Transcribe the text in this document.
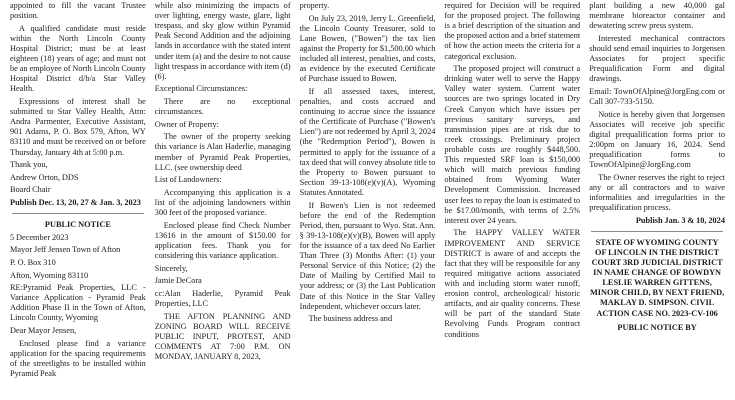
appointed to fill the vacant Trustee position.

A qualified candidate must reside within the North Lincoln County Hospital District; must be at least eighteen (18) years of age; and must not be an employee of North Lincoln County Hospital District d/b/a Star Valley Health.

Expressions of interest shall be submitted to Star Valley Health, Attn: Andra Parmenter, Executive Assistant, 901 Adams, P. O. Box 579, Afton, WY 83110 and must be received on or before Thursday, January 4th at 5:00 p.m.

Thank you,

Andrew Orton, DDS

Board Chair

Publish Dec. 13, 20, 27 & Jan. 3, 2023

PUBLIC NOTICE

5 December 2023

Mayor Jeff Jensen Town of Afton

P. O. Box 310

Afton, Wyoming 83110

RE:Pyramid Peak Properties, LLC - Variance Application - Pyramid Peak Addition Phase II in the Town of Afton, Lincoln County, Wyoming

Dear Mayor Jensen,

Enclosed please find a variance application for the spacing requirements of the streetlights to be installed within Pyramid Peak

while also minimizing the impacts of over lighting, energy waste, glare, light trespass, and sky glow within Pyramid Peak Second Addition and the adjoining lands in accordance with the stated intent under item (a) and the desire to not cause light trespass in accordance with item (d)(6).

Exceptional Circumstances:

There are no exceptional circumstances.

Owner of Property:

The owner of the property seeking this variance is Alan Haderlie, managing member of Pyramid Peak Properties, LLC. (see ownership deed

List of Landowners:

Accompanying this application is a list of the adjoining landowners within 300 feet of the proposed variance.

Enclosed please find Check Number 13616 in the amount of $150.00 for application fees. Thank you for considering this variance application.

Sincerely,

Jamie DeCora

cc:Alan Haderlie, Pyramid Peak Properties, LLC

THE AFTON PLANNING AND ZONING BOARD WILL RECEIVE PUBLIC INPUT, PROTEST, AND COMMENTS AT 7:00 P.M. ON MONDAY, JANUARY 8, 2023,

property.

On July 23, 2019, Jerry L. Greenfield, the Lincoln County Treasurer, sold to Lane Bowen, ("Bowen") the tax lien against the Property for $1,500.00 which included all interest, penalties, and costs, as evidence by the executed Certificate of Purchase issued to Bowen.

If all assessed taxes, interest, penalties, and costs accrued and continuing to accrue since the issuance of the Certificate of Purchase ("Bowen's Lien") are not redeemed by April 3, 2024 (the "Redemption Period"), Bowen is permitted to apply for the issuance of a tax deed that will convey absolute title to the Property to Bowen pursuant to Section 39-13-108(e)(v)(A), Wyoming Statutes Annotated.

If Bowen's Lien is not redeemed before the end of the Redemption Period, then, pursuant to Wyo. Stat. Ann. § 39-13-108(e)(v)(B), Bowen will apply for the issuance of a tax deed No Earlier Than Three (3) Months After: (1) your Personal Service of this Notice; (2) the Date of Mailing by Certified Mail to your address; or (3) the Last Publication Date of this Notice in the Star Valley Independent, whichever occurs later.

The business address and

required for Decision will be required for the proposed project. The following is a brief description of the situation and the proposed action and a brief statement of how the action meets the criteria for a categorical exclusion.

The proposed project will construct a drinking water well to serve the Happy Valley water system. Current water sources are two springs located in Dry Creek Canyon which have issues per previous sanitary surveys, and transmission pipes are at risk due to creek crossings. Preliminary project probable costs are roughly $448,500. This requested SRF loan is $150,000 which will match previous funding obtained from Wyoming Water Development Commission. Increased user fees to repay the loan is estimated to be $17.00/month, with terms of 2.5% interest over 24 years.

The HAPPY VALLEY WATER IMPROVEMENT AND SERVICE DISTRICT is aware of and accepts the fact that they will be responsible for any required mitigative actions associated with and including storm water runoff, erosion control, archeological/ historic artifacts, and air quality concerns. These will be part of the standard State Revolving Funds Program contract conditions

plant building a new 40,000 gal membrane bioreactor container and dewatering screw press system.

Interested mechanical contractors should send email inquiries to Jorgensen Associates for project specific Prequalification Form and digital drawings.

Email: TownOfAlpine@JorgEng.com or Call 307-733-5150.

Notice is hereby given that Jorgensen Associates will receive job specific digital prequalification forms prior to 2:00pm on January 16, 2024. Send prequalification forms to TownOfAlpine@JorgEng.com

The Owner reserves the right to reject any or all contractors and to waive informalities and irregularities in the prequalification process.

Publish Jan. 3 & 10, 2024

STATE OF WYOMING COUNTY OF LINCOLN IN THE DISTRICT COURT 3RD JUDICIAL DISTRICT IN NAME CHANGE OF BOWDYN LESLIE WARREN GITTENS, MINOR CHILD, BY NEXT FRIEND, MAKLAY D. SIMPSON. CIVIL ACTION CASE NO. 2023-CV-106

PUBLIC NOTICE BY
